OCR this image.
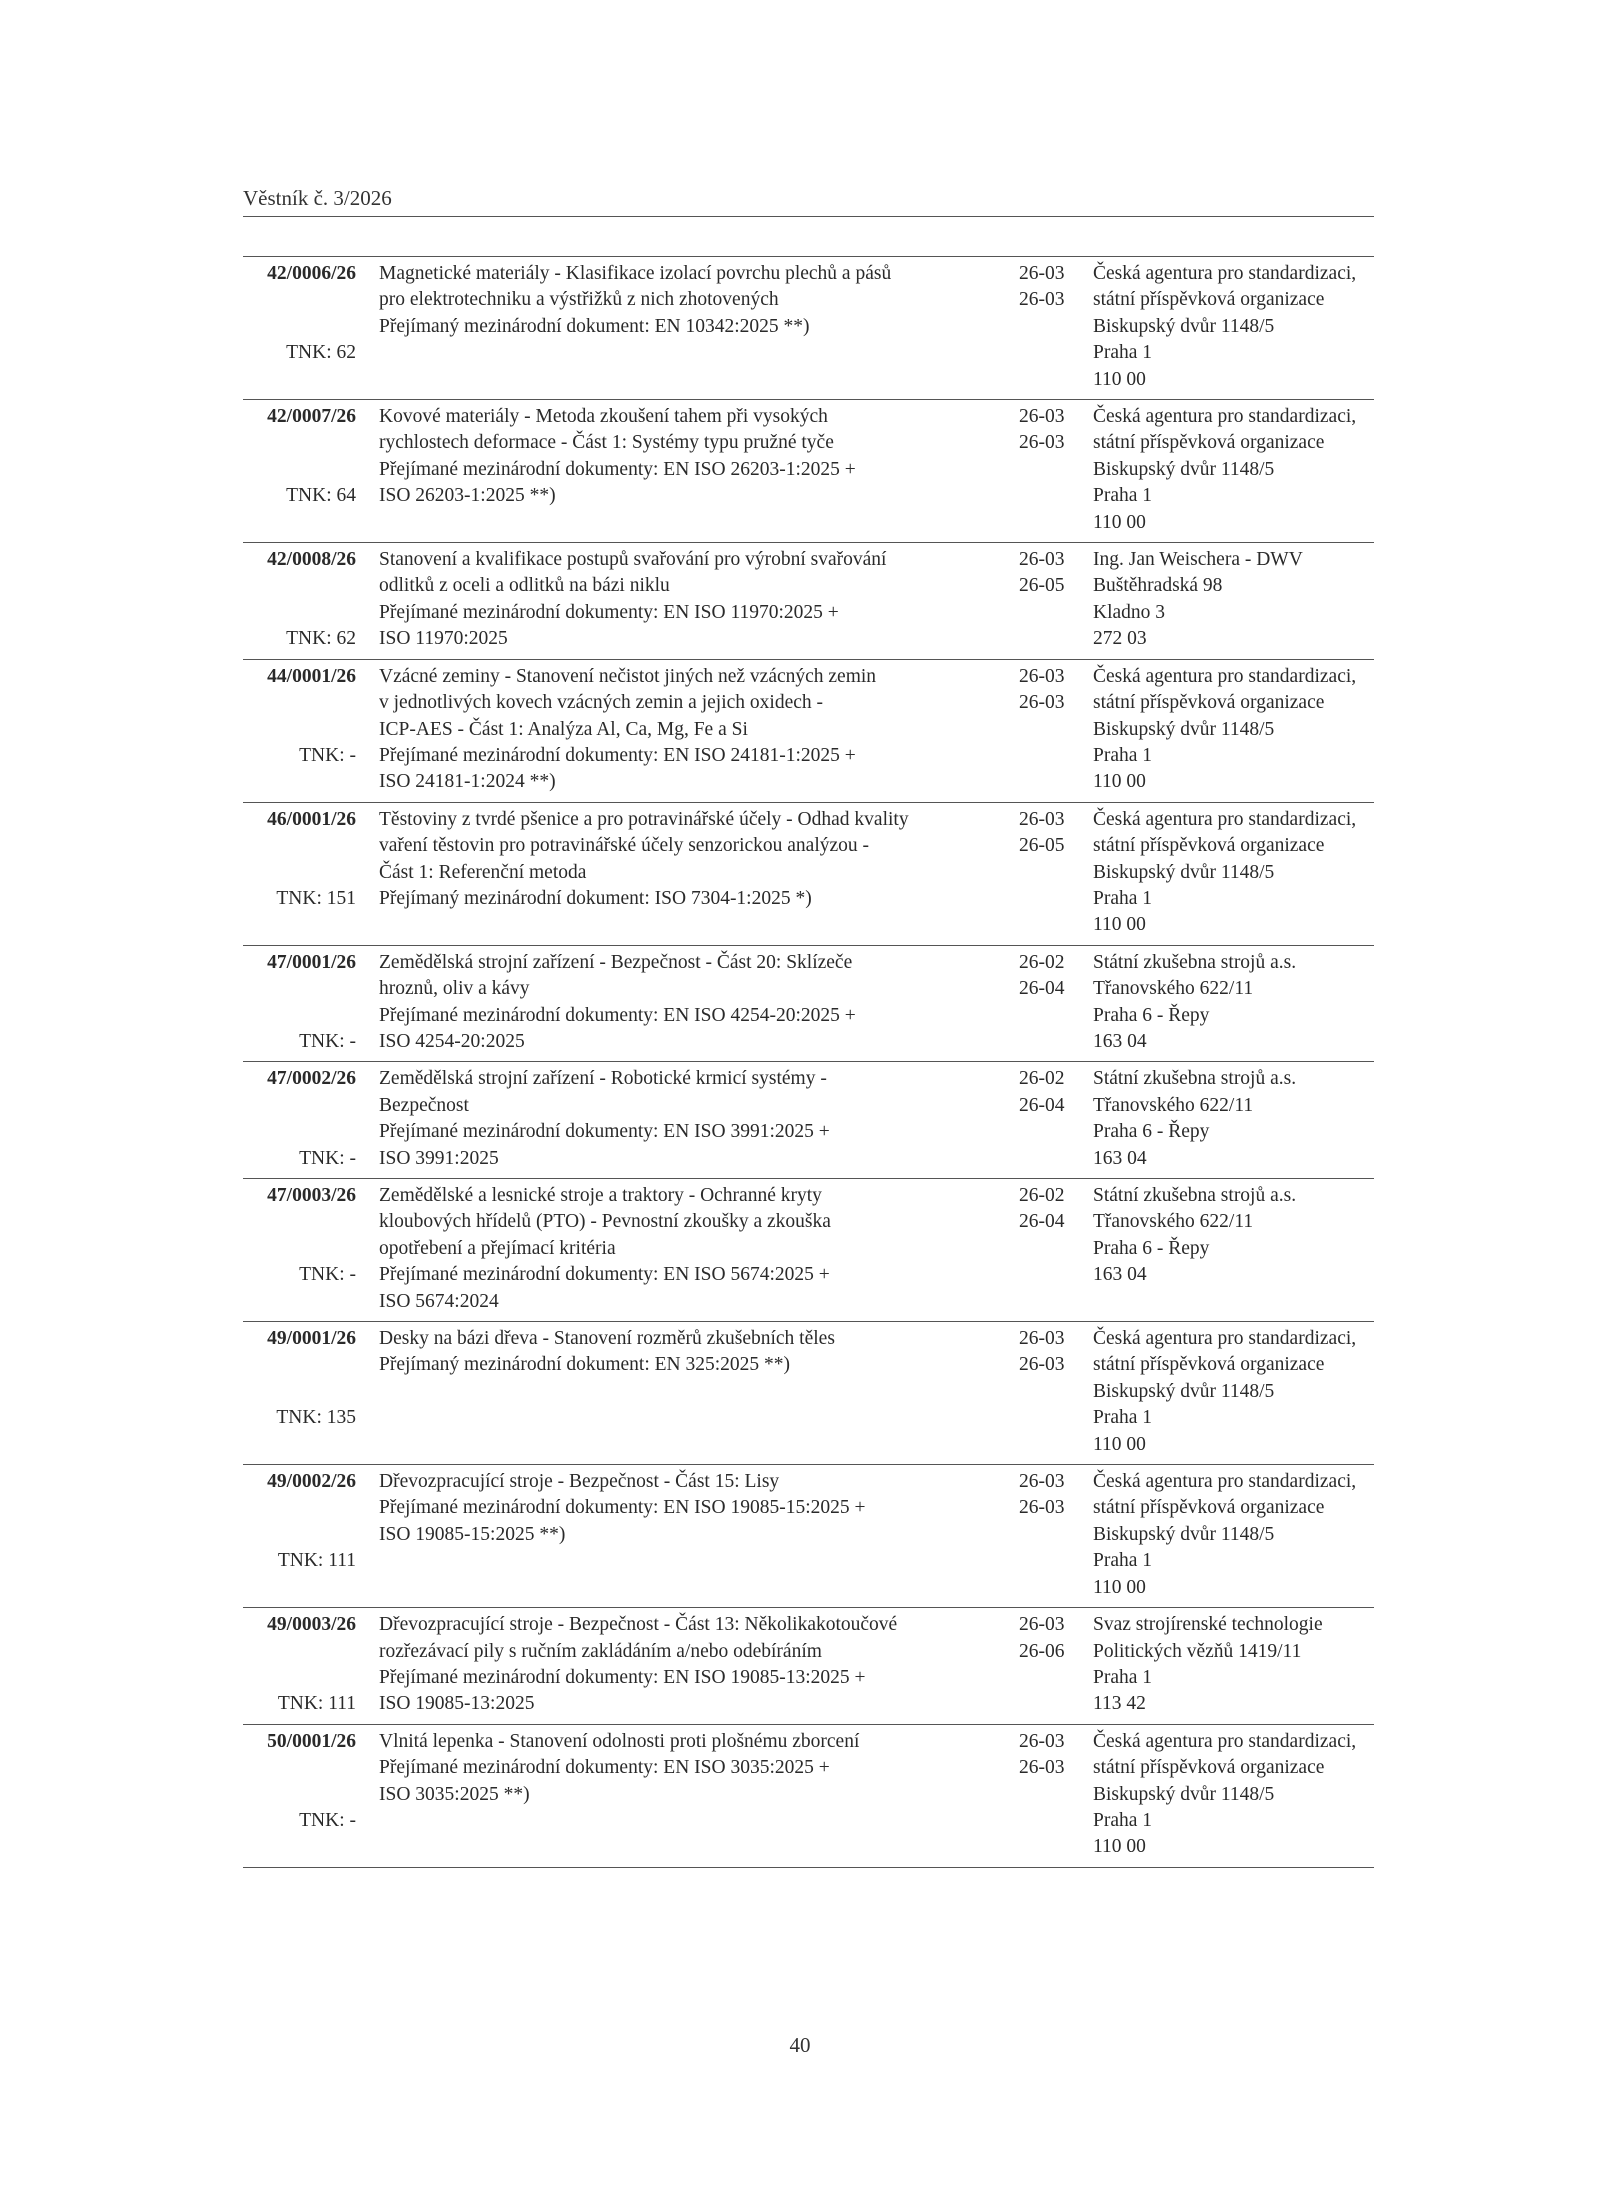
Věstník č. 3/2026
42/0006/26
TNK: 62
Magnetické materiály - Klasifikace izolací povrchu plechů a pásů
pro elektrotechniku a výstřižků z nich zhotovených
Přejímaný mezinárodní dokument: EN 10342:2025 **)
26-03
26-03
Česká agentura pro standardizaci,
státní příspěvková organizace
Biskupský dvůr 1148/5
Praha 1
110 00
42/0007/26
TNK: 64
Kovové materiály - Metoda zkoušení tahem při vysokých
rychlostech deformace - Část 1: Systémy typu pružné tyče
Přejímané mezinárodní dokumenty: EN ISO 26203-1:2025 +
ISO 26203-1:2025 **)
26-03
26-03
Česká agentura pro standardizaci,
státní příspěvková organizace
Biskupský dvůr 1148/5
Praha 1
110 00
42/0008/26
TNK: 62
Stanovení a kvalifikace postupů svařování pro výrobní svařování
odlitků z oceli a odlitků na bázi niklu
Přejímané mezinárodní dokumenty: EN ISO 11970:2025 +
ISO 11970:2025
26-03
26-05
Ing. Jan Weischera - DWV
Buštěhradská 98
Kladno 3
272 03
44/0001/26
TNK: -
Vzácné zeminy - Stanovení nečistot jiných než vzácných zemin
v jednotlivých kovech vzácných zemin a jejich oxidech -
ICP-AES - Část 1: Analýza Al, Ca, Mg, Fe a Si
Přejímané mezinárodní dokumenty: EN ISO 24181-1:2025 +
ISO 24181-1:2024 **)
26-03
26-03
Česká agentura pro standardizaci,
státní příspěvková organizace
Biskupský dvůr 1148/5
Praha 1
110 00
46/0001/26
TNK: 151
Těstoviny z tvrdé pšenice a pro potravinářské účely - Odhad kvality
vaření těstovin pro potravinářské účely senzorickou analýzou -
Část 1: Referenční metoda
Přejímaný mezinárodní dokument: ISO 7304-1:2025 *)
26-03
26-05
Česká agentura pro standardizaci,
státní příspěvková organizace
Biskupský dvůr 1148/5
Praha 1
110 00
47/0001/26
TNK: -
Zemědělská strojní zařízení - Bezpečnost - Část 20: Sklízeče
hroznů, oliv a kávy
Přejímané mezinárodní dokumenty: EN ISO 4254-20:2025 +
ISO 4254-20:2025
26-02
26-04
Státní zkušebna strojů a.s.
Třanovského 622/11
Praha 6 - Řepy
163 04
47/0002/26
TNK: -
Zemědělská strojní zařízení - Robotické krmicí systémy -
Bezpečnost
Přejímané mezinárodní dokumenty: EN ISO 3991:2025 +
ISO 3991:2025
26-02
26-04
Státní zkušebna strojů a.s.
Třanovského 622/11
Praha 6 - Řepy
163 04
47/0003/26
TNK: -
Zemědělské a lesnické stroje a traktory - Ochranné kryty
kloubových hřídelů (PTO) - Pevnostní zkoušky a zkouška
opotřebení a přejímací kritéria
Přejímané mezinárodní dokumenty: EN ISO 5674:2025 +
ISO 5674:2024
26-02
26-04
Státní zkušebna strojů a.s.
Třanovského 622/11
Praha 6 - Řepy
163 04
49/0001/26
TNK: 135
Desky na bázi dřeva - Stanovení rozměrů zkušebních těles
Přejímaný mezinárodní dokument: EN 325:2025 **)
26-03
26-03
Česká agentura pro standardizaci,
státní příspěvková organizace
Biskupský dvůr 1148/5
Praha 1
110 00
49/0002/26
TNK: 111
Dřevozpracující stroje - Bezpečnost - Část 15: Lisy
Přejímané mezinárodní dokumenty: EN ISO 19085-15:2025 +
ISO 19085-15:2025 **)
26-03
26-03
Česká agentura pro standardizaci,
státní příspěvková organizace
Biskupský dvůr 1148/5
Praha 1
110 00
49/0003/26
TNK: 111
Dřevozpracující stroje - Bezpečnost - Část 13: Několikakotoučové
rozřezávací pily s ručním zakládáním a/nebo odebíráním
Přejímané mezinárodní dokumenty: EN ISO 19085-13:2025 +
ISO 19085-13:2025
26-03
26-06
Svaz strojírenské technologie
Politických vězňů 1419/11
Praha 1
113 42
50/0001/26
TNK: -
Vlnitá lepenka - Stanovení odolnosti proti plošnému zborcení
Přejímané mezinárodní dokumenty: EN ISO 3035:2025 +
ISO 3035:2025 **)
26-03
26-03
Česká agentura pro standardizaci,
státní příspěvková organizace
Biskupský dvůr 1148/5
Praha 1
110 00
40
